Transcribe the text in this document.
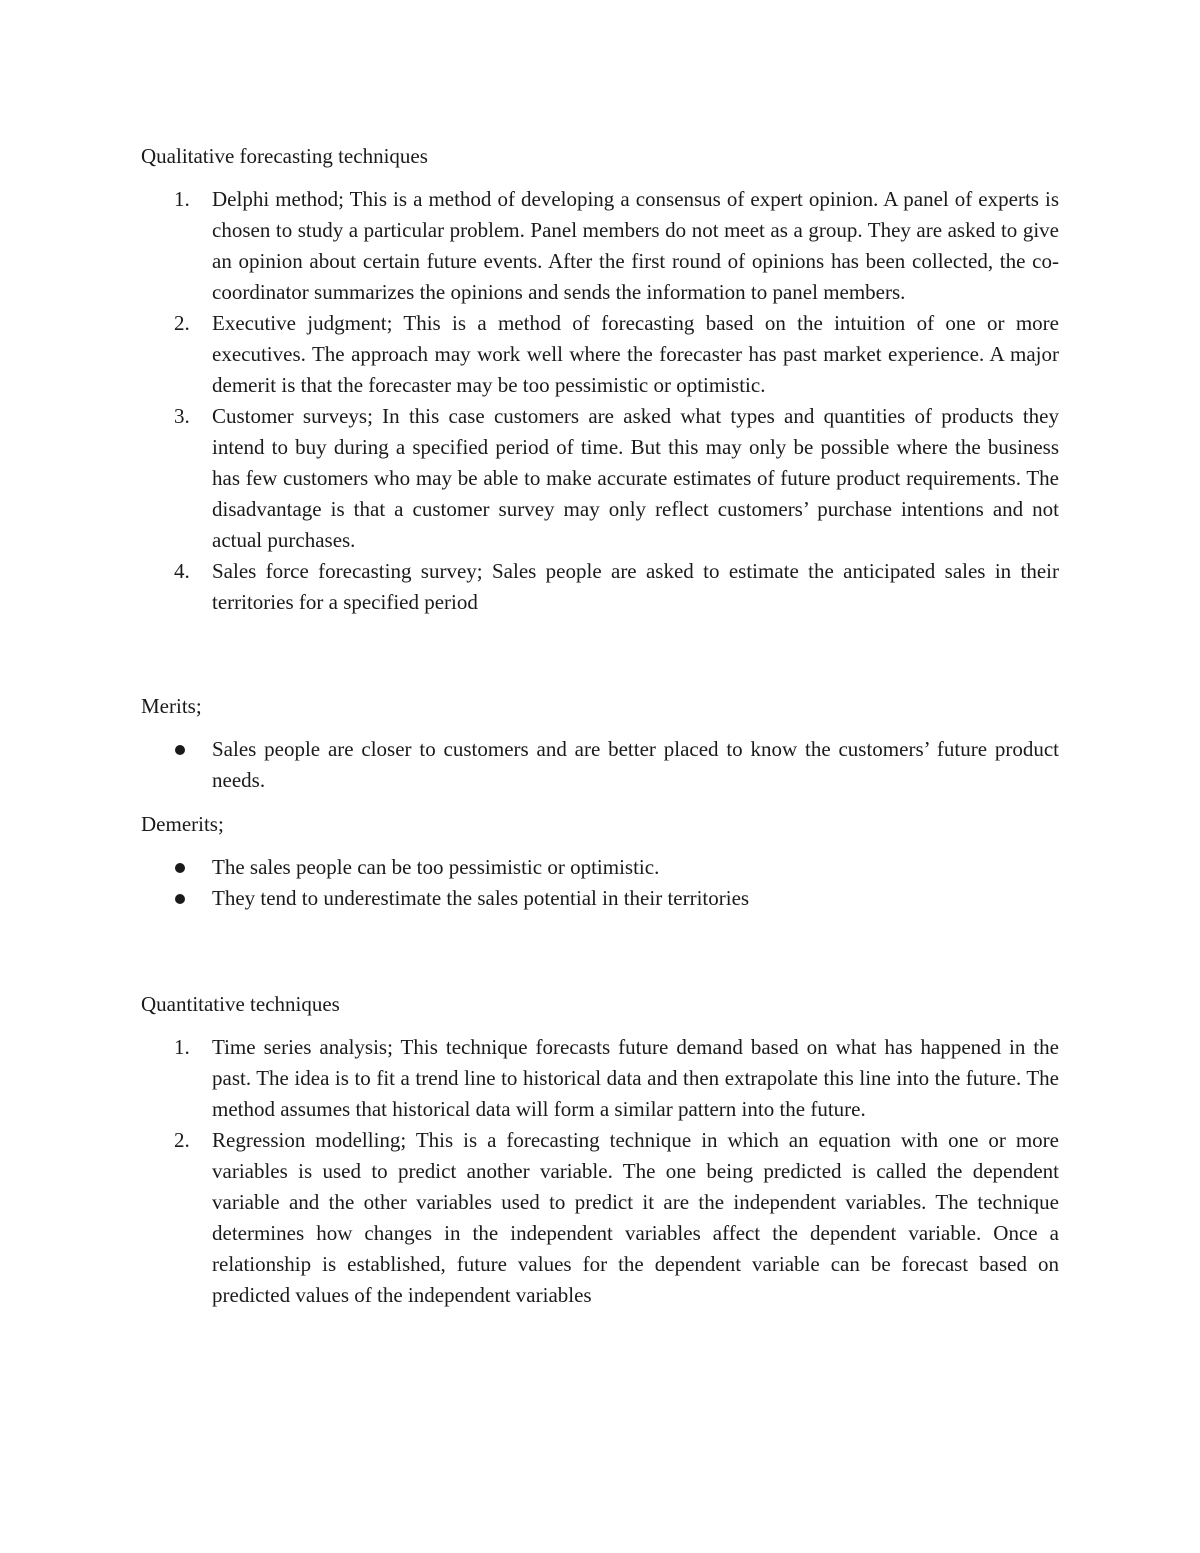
Qualitative forecasting techniques
1. Delphi method; This is a method of developing a consensus of expert opinion. A panel of experts is chosen to study a particular problem. Panel members do not meet as a group. They are asked to give an opinion about certain future events. After the first round of opinions has been collected, the co-coordinator summarizes the opinions and sends the information to panel members.
2. Executive judgment; This is a method of forecasting based on the intuition of one or more executives. The approach may work well where the forecaster has past market experience. A major demerit is that the forecaster may be too pessimistic or optimistic.
3. Customer surveys; In this case customers are asked what types and quantities of products they intend to buy during a specified period of time. But this may only be possible where the business has few customers who may be able to make accurate estimates of future product requirements. The disadvantage is that a customer survey may only reflect customers’ purchase intentions and not actual purchases.
4. Sales force forecasting survey; Sales people are asked to estimate the anticipated sales in their territories for a specified period
Merits;
Sales people are closer to customers and are better placed to know the customers’ future product needs.
Demerits;
The sales people can be too pessimistic or optimistic.
They tend to underestimate the sales potential in their territories
Quantitative techniques
1. Time series analysis; This technique forecasts future demand based on what has happened in the past. The idea is to fit a trend line to historical data and then extrapolate this line into the future. The method assumes that historical data will form a similar pattern into the future.
2. Regression modelling; This is a forecasting technique in which an equation with one or more variables is used to predict another variable. The one being predicted is called the dependent variable and the other variables used to predict it are the independent variables. The technique determines how changes in the independent variables affect the dependent variable. Once a relationship is established, future values for the dependent variable can be forecast based on predicted values of the independent variables
